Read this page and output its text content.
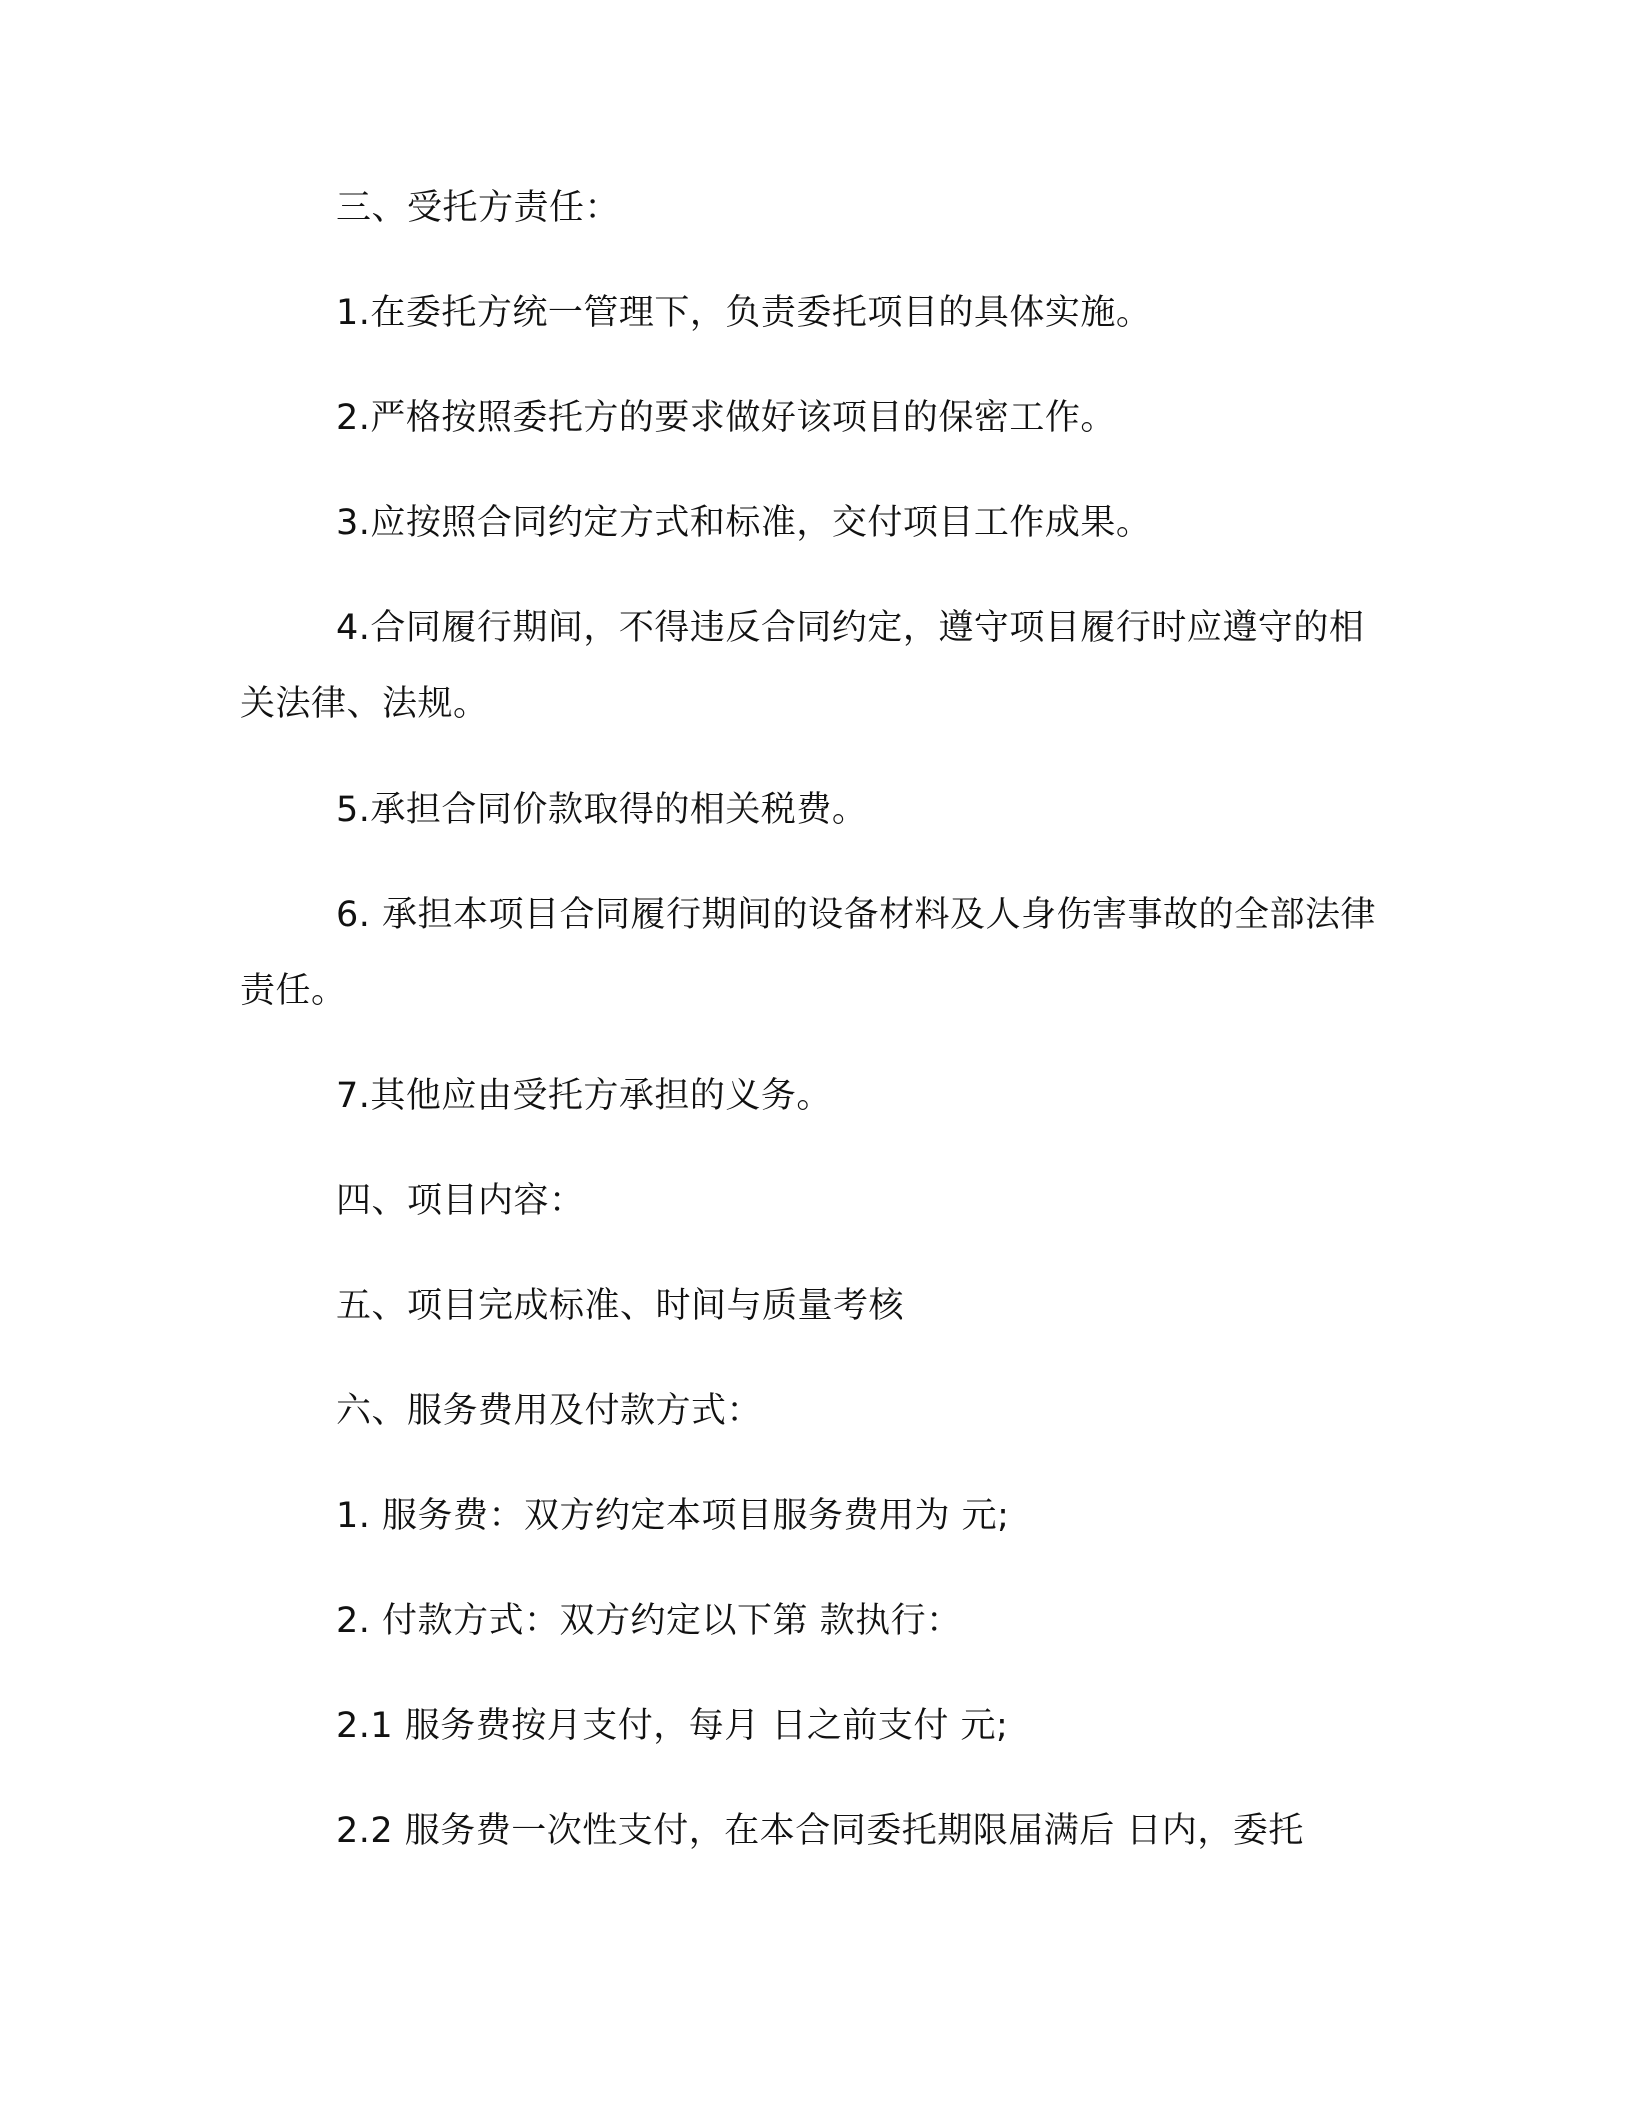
三、受托方责任：

1.在委托方统一管理下，负责委托项目的具体实施。

2.严格按照委托方的要求做好该项目的保密工作。

3.应按照合同约定方式和标准，交付项目工作成果。

4.合同履行期间，不得违反合同约定，遵守项目履行时应遵守的相关法律、法规。

5.承担合同价款取得的相关税费。

6. 承担本项目合同履行期间的设备材料及人身伤害事故的全部法律责任。

7.其他应由受托方承担的义务。

四、项目内容：

五、项目完成标准、时间与质量考核

六、服务费用及付款方式：

1. 服务费：双方约定本项目服务费用为 元;

2. 付款方式：双方约定以下第 款执行：

2.1 服务费按月支付，每月 日之前支付 元;

2.2 服务费一次性支付，在本合同委托期限届满后 日内，委托
